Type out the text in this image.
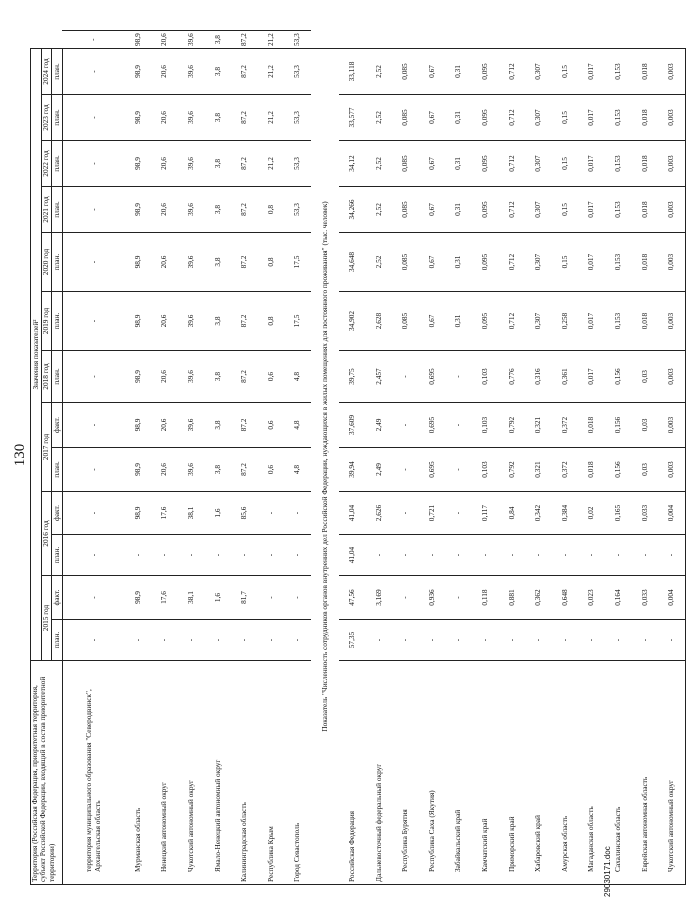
130
Территория (Российская Федерация, приоритетная территория, субъект Российской Федерации, входящий в состав приоритетной территории)	Значения показателей²													
	2015 год		2016 год		2017 год		2018 год	2019 год	2020 год	2021 год	2022 год	2023 год	2024 год	
	план.	факт.	план.	факт.	план.	факт.	план.	план.	план.	план.	план.	план.	план.	
территория муниципального образования "Северодвинск", Архангельская область	-	-	-	-	-	-	-	-	-	-	-	-	-	-
Мурманская область	-	98,9	-	98,9	98,9	98,9	98,9	98,9	98,9	98,9	98,9	98,9	98,9	98,9
Ненецкий автономный округ	-	17,6	-	17,6	20,6	20,6	20,6	20,6	20,6	20,6	20,6	20,6	20,6	20,6
Чукотский автономный округ	-	38,1	-	38,1	39,6	39,6	39,6	39,6	39,6	39,6	39,6	39,6	39,6	39,6
Ямало-Ненецкий автономный округ	-	1,6	-	1,6	3,8	3,8	3,8	3,8	3,8	3,8	3,8	3,8	3,8	3,8
Калининградская область	-	81,7	-	85,6	87,2	87,2	87,2	87,2	87,2	87,2	87,2	87,2	87,2	87,2
Республика Крым	-	-	-	-	0,6	0,6	0,6	0,8	0,8	0,8	21,2	21,2	21,2	21,2
Город Севастополь	-	-	-	-	4,8	4,8	4,8	17,5	17,5	53,3	53,3	53,3	53,3	53,3
Показатель "Численность сотрудников органов внутренних дел Российской Федерации, нуждающихся в жилых помещениях для постоянного проживания" (тыс. человек)														
Российская Федерация	57,35	47,56	41,04	41,04	39,94	37,609	39,75	34,902	34,648	34,266	34,12	33,577	33,118	
Дальневосточный федеральный округ	-	3,169	-	2,626	2,49	2,49	2,457	2,628	2,52	2,52	2,52	2,52	2,52	
Республика Бурятия	-	-	-	-	-	-	-	0,085	0,085	0,085	0,085	0,085	0,085	
Республика Саха (Якутия)	-	0,936	-	0,721	0,695	0,695	0,695	0,67	0,67	0,67	0,67	0,67	0,67	
Забайкальский край	-	-	-	-	-	-	-	0,31	0,31	0,31	0,31	0,31	0,31	
Камчатский край	-	0,118	-	0,117	0,103	0,103	0,103	0,095	0,095	0,095	0,095	0,095	0,095	
Приморский край	-	0,881	-	0,84	0,792	0,792	0,776	0,712	0,712	0,712	0,712	0,712	0,712	
Хабаровский край	-	0,362	-	0,342	0,321	0,321	0,316	0,307	0,307	0,307	0,307	0,307	0,307	
Амурская область	-	0,648	-	0,384	0,372	0,372	0,361	0,258	0,15	0,15	0,15	0,15	0,15	
Магаданская область	-	0,023	-	0,02	0,018	0,018	0,017	0,017	0,017	0,017	0,017	0,017	0,017	
Сахалинская область	-	0,164	-	0,165	0,156	0,156	0,156	0,153	0,153	0,153	0,153	0,153	0,153	
Еврейская автономная область	-	0,033	-	0,033	0,03	0,03	0,03	0,018	0,018	0,018	0,018	0,018	0,018	
Чукотский автономный округ	-	0,004	-	0,004	0,003	0,003	0,003	0,003	0,003	0,003	0,003	0,003	0,003	
29030171.doc
